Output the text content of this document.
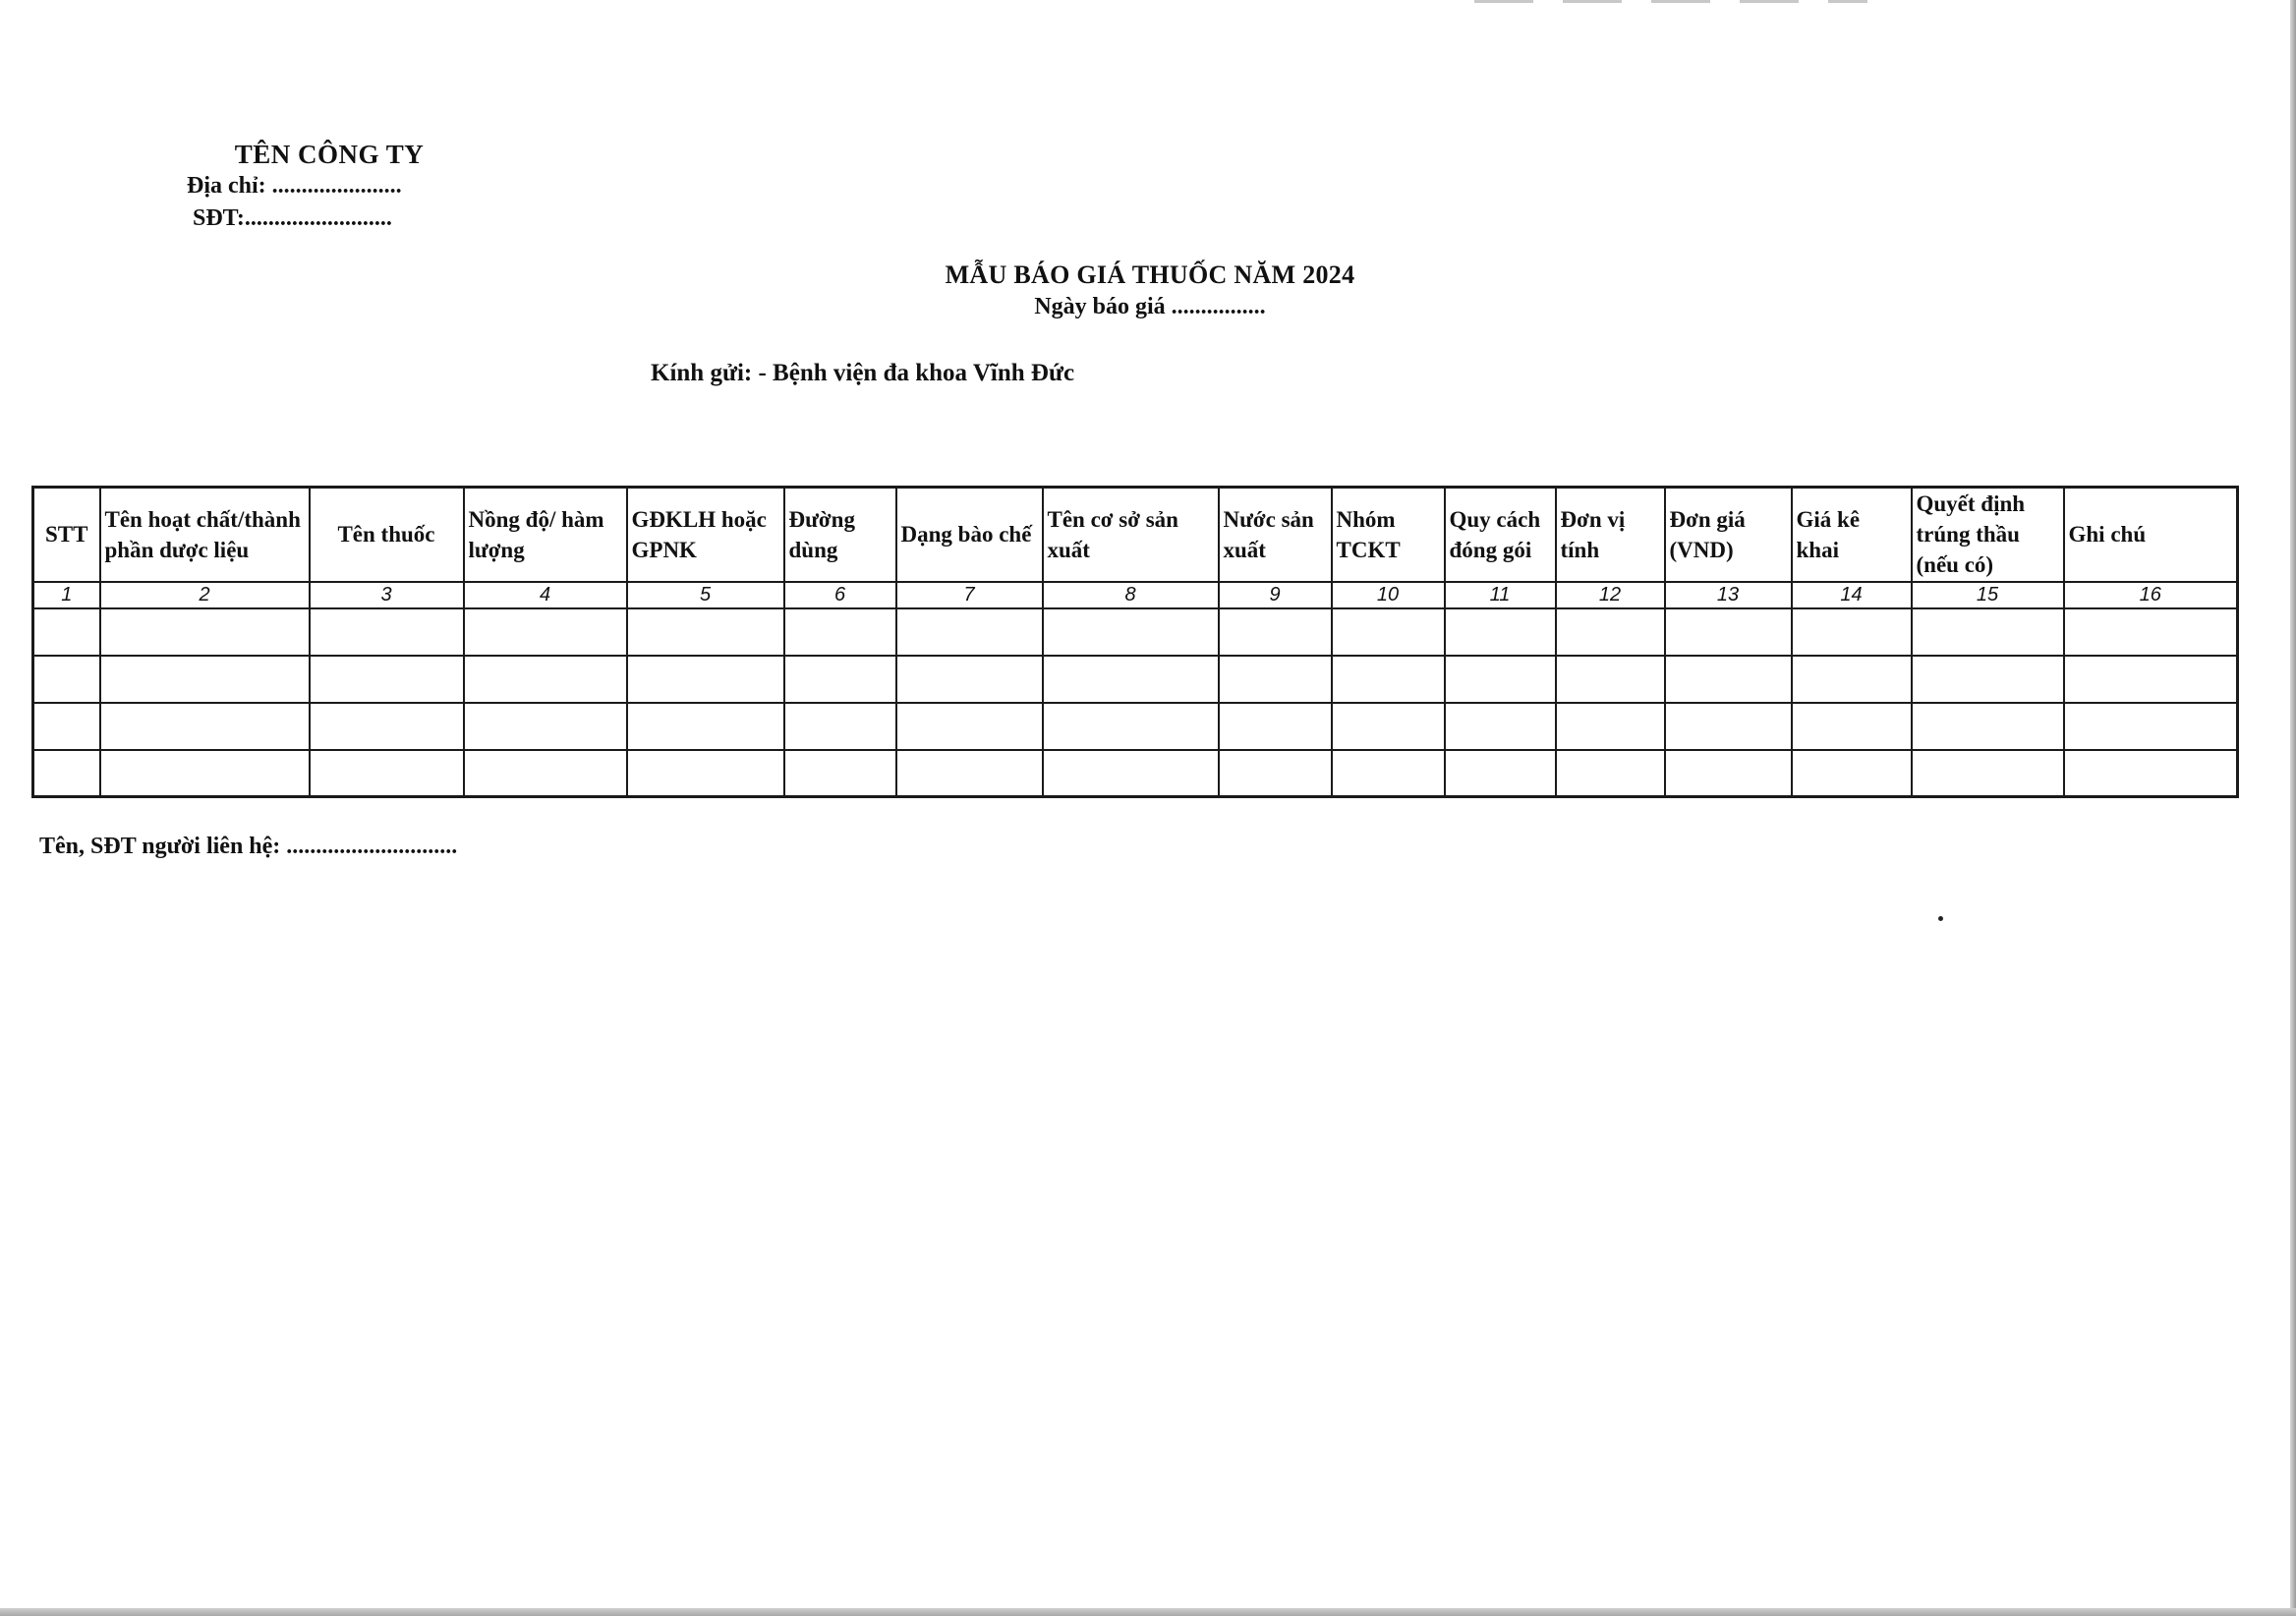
TÊN CÔNG TY
Địa chỉ: ......................
SĐT:.........................
MẪU BÁO GIÁ THUỐC NĂM 2024
Ngày báo giá ................
Kính gửi: - Bệnh viện đa khoa Vĩnh Đức
STT	Tên hoạt chất/thành phần dược liệu	Tên thuốc	Nồng độ/ hàm lượng	GĐKLH hoặc GPNK	Đường dùng	Dạng bào chế	Tên cơ sở sản xuất	Nước sản xuất	Nhóm TCKT	Quy cách đóng gói	Đơn vị tính	Đơn giá (VND)	Giá kê khai	Quyết định trúng thầu (nếu có)	Ghi chú
1	2	3	4	5	6	7	8	9	10	11	12	13	14	15	16

Tên, SĐT người liên hệ: .............................
